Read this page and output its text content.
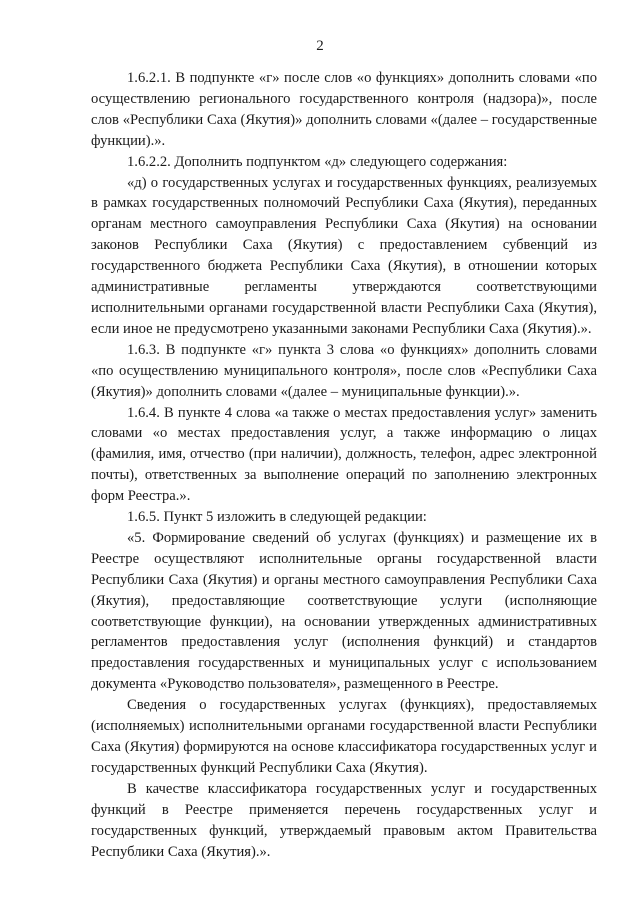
2

1.6.2.1. В подпункте «г» после слов «о функциях» дополнить словами «по осуществлению регионального государственного контроля (надзора)», после слов «Республики Саха (Якутия)» дополнить словами «(далее – государственные функции).».

1.6.2.2. Дополнить подпунктом «д» следующего содержания:

«д) о государственных услугах и государственных функциях, реализуемых в рамках государственных полномочий Республики Саха (Якутия), переданных органам местного самоуправления Республики Саха (Якутия) на основании законов Республики Саха (Якутия) с предоставлением субвенций из государственного бюджета Республики Саха (Якутия), в отношении которых административные регламенты утверждаются соответствующими исполнительными органами государственной власти Республики Саха (Якутия), если иное не предусмотрено указанными законами Республики Саха (Якутия).».

1.6.3. В подпункте «г» пункта 3 слова «о функциях» дополнить словами «по осуществлению муниципального контроля», после слов «Республики Саха (Якутия)» дополнить словами «(далее – муниципальные функции).».

1.6.4. В пункте 4 слова «а также о местах предоставления услуг» заменить словами «о местах предоставления услуг, а также информацию о лицах (фамилия, имя, отчество (при наличии), должность, телефон, адрес электронной почты), ответственных за выполнение операций по заполнению электронных форм Реестра.».

1.6.5. Пункт 5 изложить в следующей редакции:

«5. Формирование сведений об услугах (функциях) и размещение их в Реестре осуществляют исполнительные органы государственной власти Республики Саха (Якутия) и органы местного самоуправления Республики Саха (Якутия), предоставляющие соответствующие услуги (исполняющие соответствующие функции), на основании утвержденных административных регламентов предоставления услуг (исполнения функций) и стандартов предоставления государственных и муниципальных услуг с использованием документа «Руководство пользователя», размещенного в Реестре.

Сведения о государственных услугах (функциях), предоставляемых (исполняемых) исполнительными органами государственной власти Республики Саха (Якутия) формируются на основе классификатора государственных услуг и государственных функций Республики Саха (Якутия).

В качестве классификатора государственных услуг и государственных функций в Реестре применяется перечень государственных услуг и государственных функций, утверждаемый правовым актом Правительства Республики Саха (Якутия).».
